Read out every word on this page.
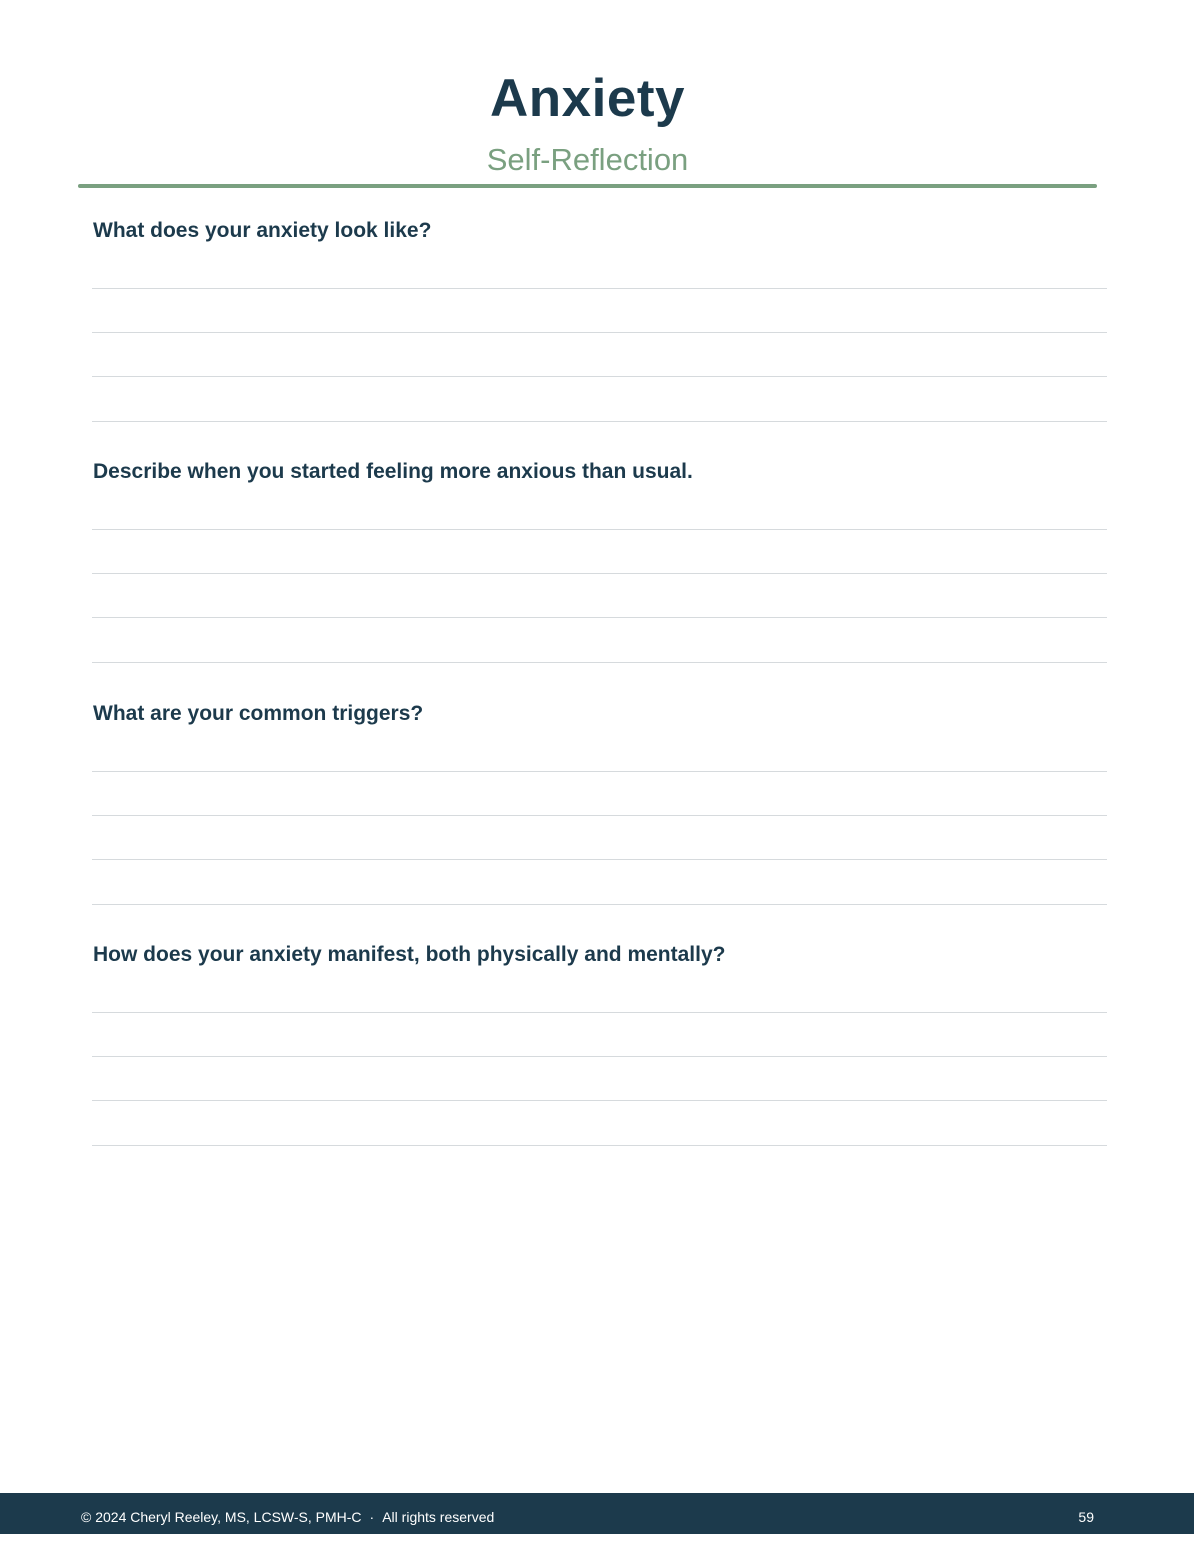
Anxiety
Self-Reflection
What does your anxiety look like?
Describe when you started feeling more anxious than usual.
What are your common triggers?
How does your anxiety manifest, both physically and mentally?
© 2024 Cheryl Reeley, MS, LCSW-S, PMH-C · All rights reserved	59
